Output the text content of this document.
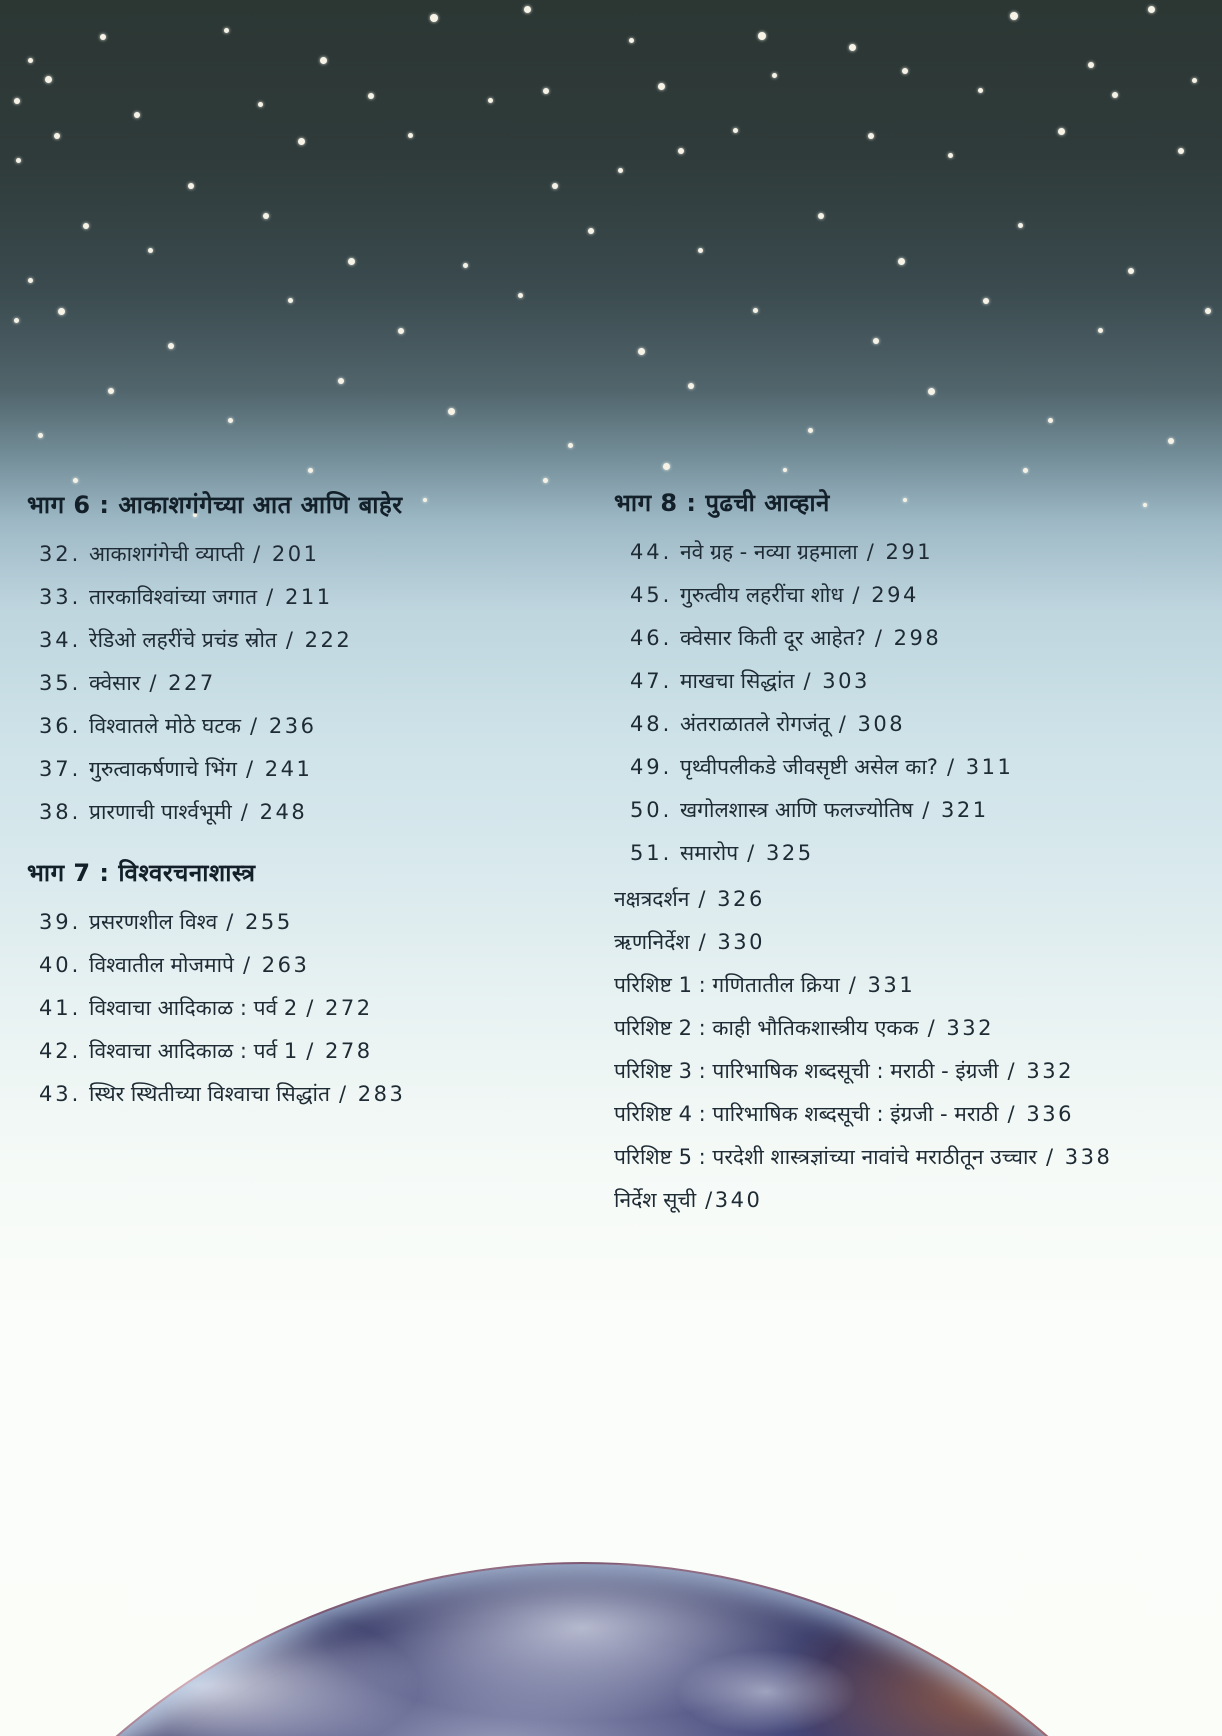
भाग 6 : आकाशगंगेच्या आत आणि बाहेर
32. आकाशगंगेची व्याप्ती / 201
33. तारकाविश्वांच्या जगात / 211
34. रेडिओ लहरींचे प्रचंड स्रोत / 222
35. क्वेसार / 227
36. विश्वातले मोठे घटक / 236
37. गुरुत्वाकर्षणाचे भिंग / 241
38. प्रारणाची पार्श्वभूमी / 248
भाग 7 : विश्वरचनाशास्त्र
39. प्रसरणशील विश्व / 255
40. विश्वातील मोजमापे / 263
41. विश्वाचा आदिकाळ : पर्व 2 / 272
42. विश्वाचा आदिकाळ : पर्व 1 / 278
43. स्थिर स्थितीच्या विश्वाचा सिद्धांत / 283
भाग 8 : पुढची आव्हाने
44. नवे ग्रह - नव्या ग्रहमाला / 291
45. गुरुत्वीय लहरींचा शोध / 294
46. क्वेसार किती दूर आहेत? / 298
47. माखचा सिद्धांत / 303
48. अंतराळातले रोगजंतू / 308
49. पृथ्वीपलीकडे जीवसृष्टी असेल का? / 311
50. खगोलशास्त्र आणि फलज्योतिष / 321
51. समारोप / 325
नक्षत्रदर्शन / 326
ऋणनिर्देश / 330
परिशिष्ट 1 : गणितातील क्रिया / 331
परिशिष्ट 2 : काही भौतिकशास्त्रीय एकक / 332
परिशिष्ट 3 : पारिभाषिक शब्दसूची : मराठी - इंग्रजी / 332
परिशिष्ट 4 : पारिभाषिक शब्दसूची : इंग्रजी - मराठी / 336
परिशिष्ट 5 : परदेशी शास्त्रज्ञांच्या नावांचे मराठीतून उच्चार / 338
निर्देश सूची /340
